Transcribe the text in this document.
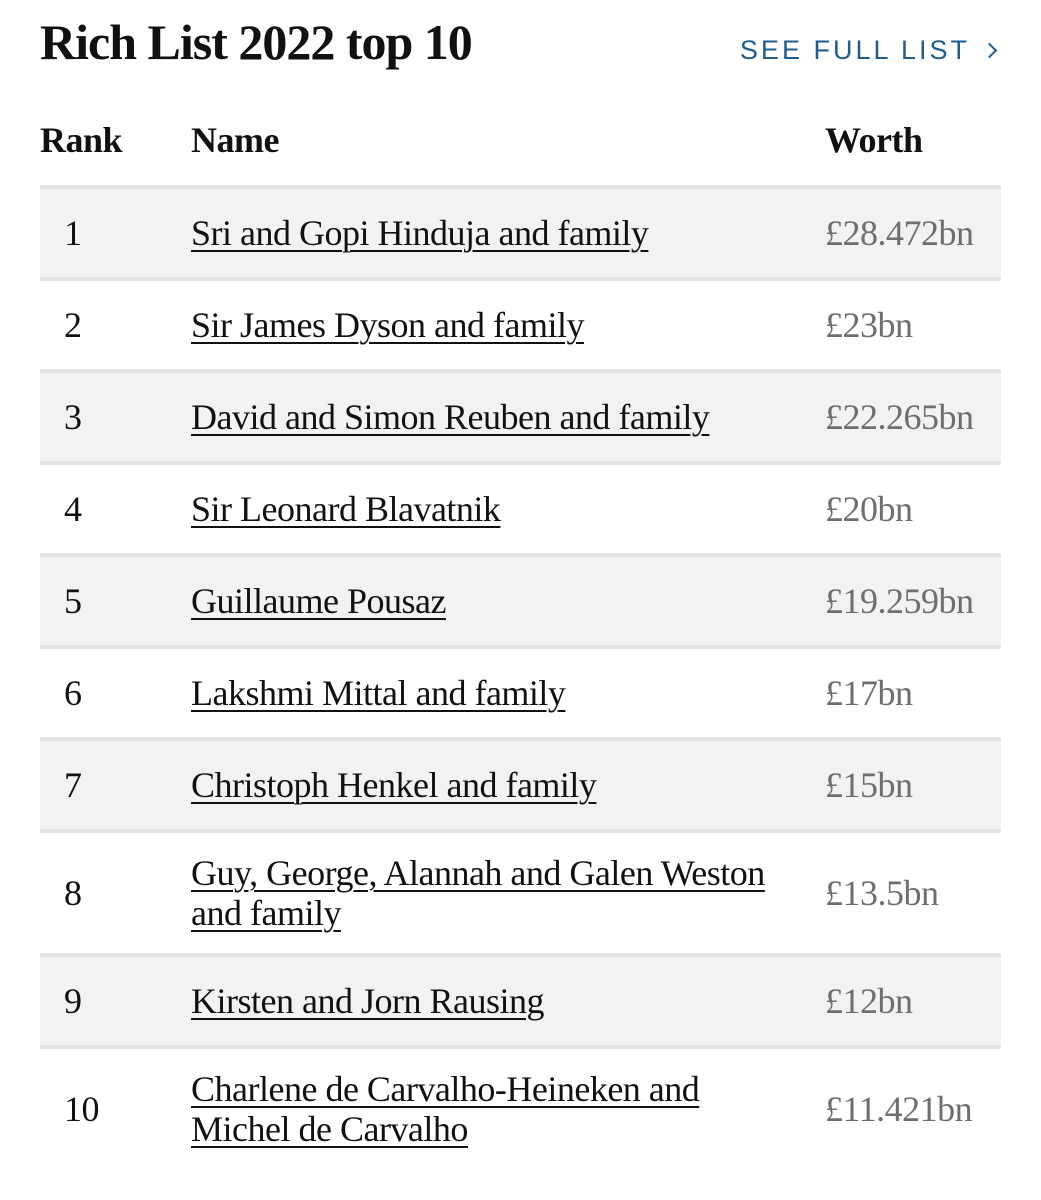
Rich List 2022 top 10	SEE FULL LIST
Rank	Name	Worth
1	Sri and Gopi Hinduja and family	£28.472bn
2	Sir James Dyson and family	£23bn
3	David and Simon Reuben and family	£22.265bn
4	Sir Leonard Blavatnik	£20bn
5	Guillaume Pousaz	£19.259bn
6	Lakshmi Mittal and family	£17bn
7	Christoph Henkel and family	£15bn
8	Guy, George, Alannah and Galen Weston and family	£13.5bn
9	Kirsten and Jorn Rausing	£12bn
10	Charlene de Carvalho-Heineken and Michel de Carvalho	£11.421bn
